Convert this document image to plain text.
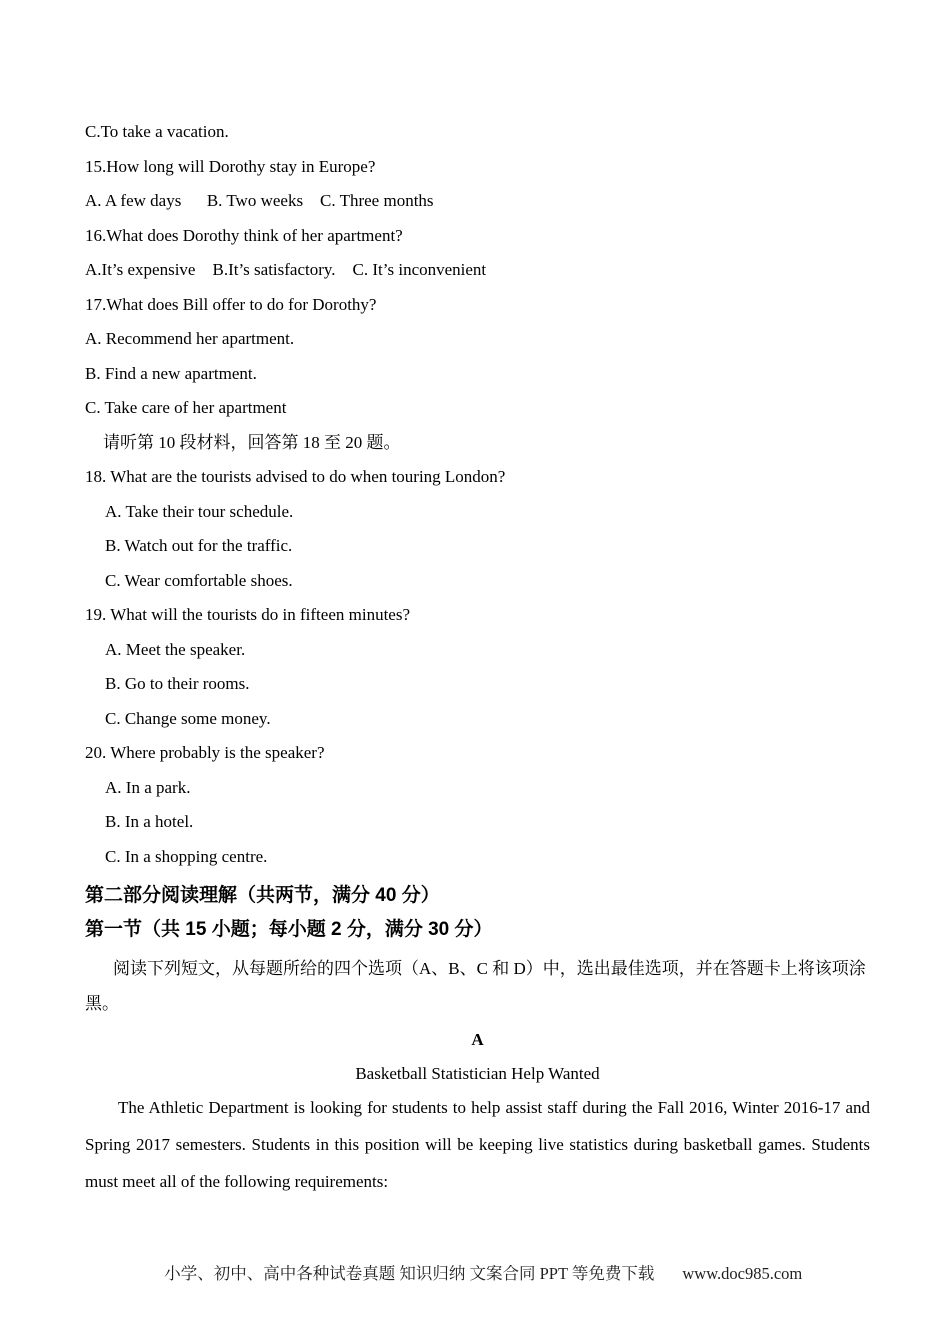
C.To take a vacation.
15.How long will Dorothy stay in Europe?
A. A few days      B. Two weeks    C. Three months
16.What does Dorothy think of her apartment?
A.It’s expensive    B.It’s satisfactory.    C. It’s inconvenient
17.What does Bill offer to do for Dorothy?
A. Recommend her apartment.
B. Find a new apartment.
C. Take care of her apartment
请听第 10 段材料，回答第 18 至 20 题。
18. What are the tourists advised to do when touring London?
A. Take their tour schedule.
B. Watch out for the traffic.
C. Wear comfortable shoes.
19. What will the tourists do in fifteen minutes?
A. Meet the speaker.
B. Go to their rooms.
C. Change some money.
20. Where probably is the speaker?
A. In a park.
B. In a hotel.
C. In a shopping centre.
第二部分阅读理解（共两节，满分 40 分）
第一节（共 15 小题；每小题 2 分，满分 30 分）
阅读下列短文，从每题所给的四个选项（A、B、C 和 D）中，选出最佳选项，并在答题卡上将该项涂
黑。
A
Basketball Statistician Help Wanted
The Athletic Department is looking for students to help assist staff during the Fall 2016, Winter 2016-17 and
Spring 2017 semesters. Students in this position will be keeping live statistics during basketball games. Students
must meet all of the following requirements:

小学、初中、高中各种试卷真题 知识归纳 文案合同 PPT 等免费下载 www.doc985.com
